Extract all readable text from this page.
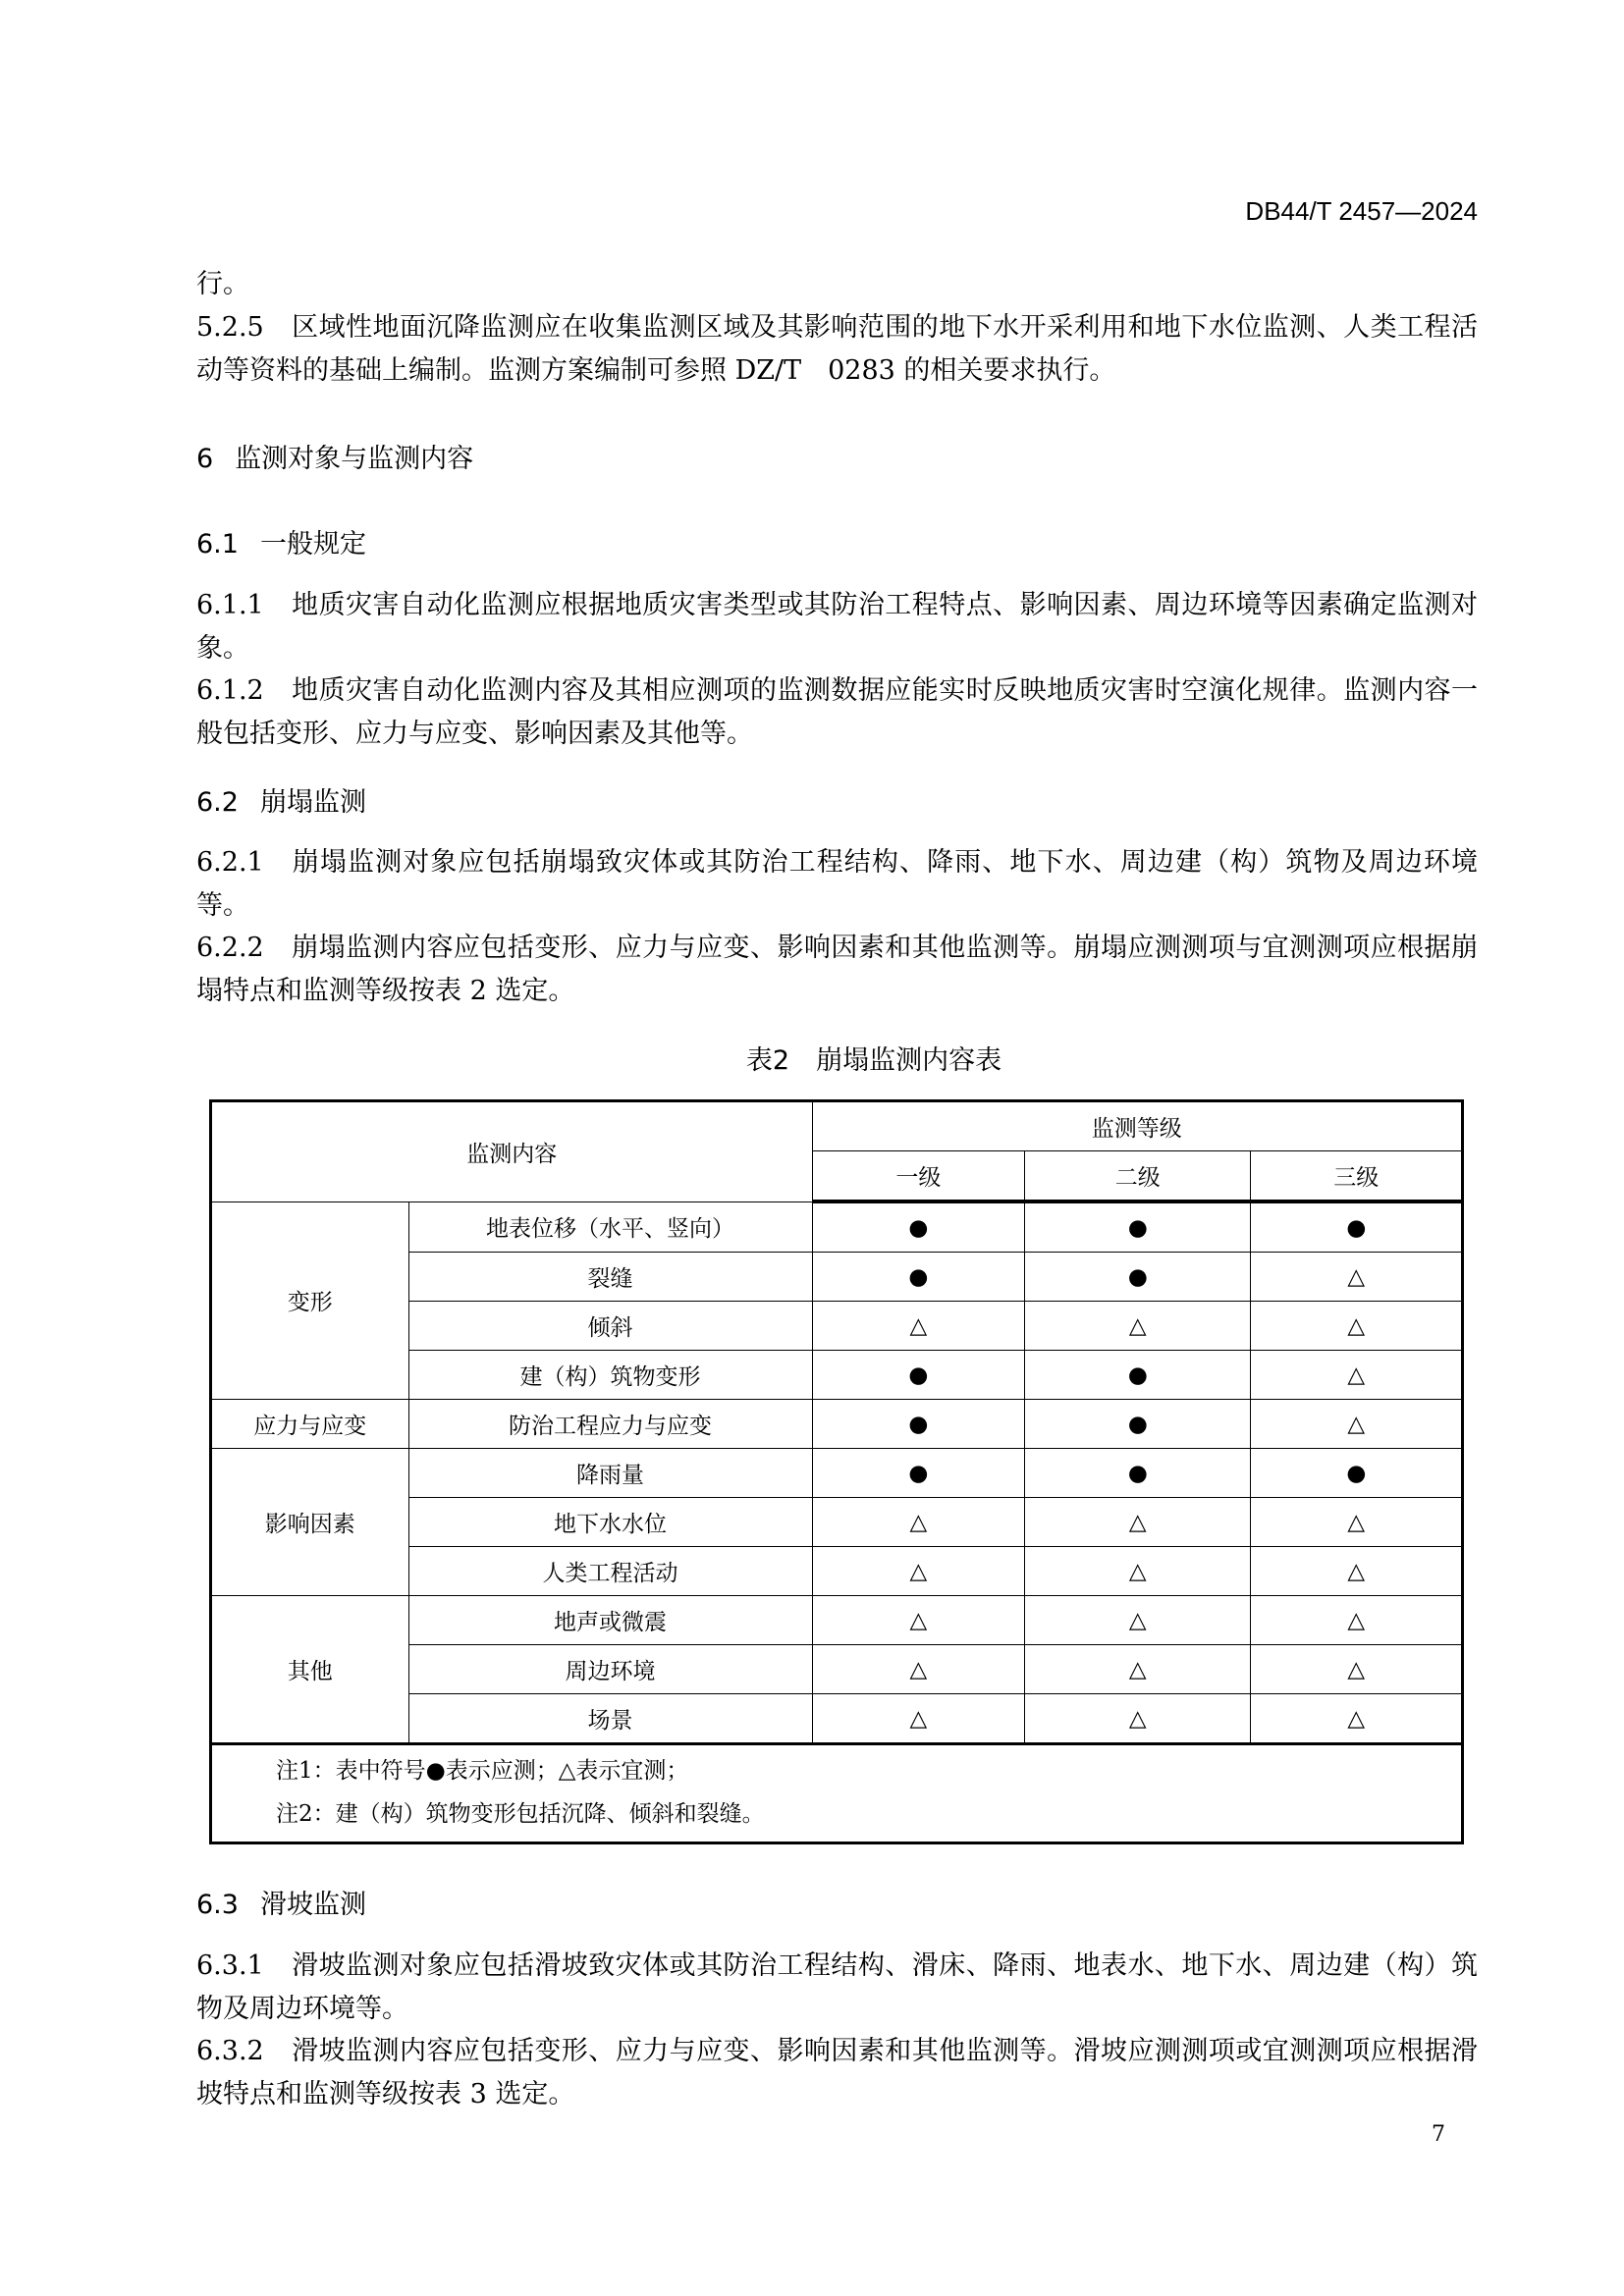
DB44/T 2457—2024
行。
5.2.5 区域性地面沉降监测应在收集监测区域及其影响范围的地下水开采利用和地下水位监测、人类工程活动等资料的基础上编制。监测方案编制可参照 DZ/T　0283 的相关要求执行。
6 监测对象与监测内容
6.1 一般规定
6.1.1 地质灾害自动化监测应根据地质灾害类型或其防治工程特点、影响因素、周边环境等因素确定监测对象。
6.1.2 地质灾害自动化监测内容及其相应测项的监测数据应能实时反映地质灾害时空演化规律。监测内容一般包括变形、应力与应变、影响因素及其他等。
6.2 崩塌监测
6.2.1 崩塌监测对象应包括崩塌致灾体或其防治工程结构、降雨、地下水、周边建（构）筑物及周边环境等。
6.2.2 崩塌监测内容应包括变形、应力与应变、影响因素和其他监测等。崩塌应测测项与宜测测项应根据崩塌特点和监测等级按表 2 选定。
表2　崩塌监测内容表
监测内容		监测等级		
		一级	二级	三级
变形	地表位移（水平、竖向）	●	●	●
	裂缝	●	●	△
	倾斜	△	△	△
	建（构）筑物变形	●	●	△
应力与应变	防治工程应力与应变	●	●	△
影响因素	降雨量	●	●	●
	地下水水位	△	△	△
	人类工程活动	△	△	△
其他	地声或微震	△	△	△
	周边环境	△	△	△
	场景	△	△	△

注1：表中符号●表示应测；△表示宜测；
注2：建（构）筑物变形包括沉降、倾斜和裂缝。				
6.3 滑坡监测
6.3.1 滑坡监测对象应包括滑坡致灾体或其防治工程结构、滑床、降雨、地表水、地下水、周边建（构）筑物及周边环境等。
6.3.2 滑坡监测内容应包括变形、应力与应变、影响因素和其他监测等。滑坡应测测项或宜测测项应根据滑坡特点和监测等级按表 3 选定。
7
